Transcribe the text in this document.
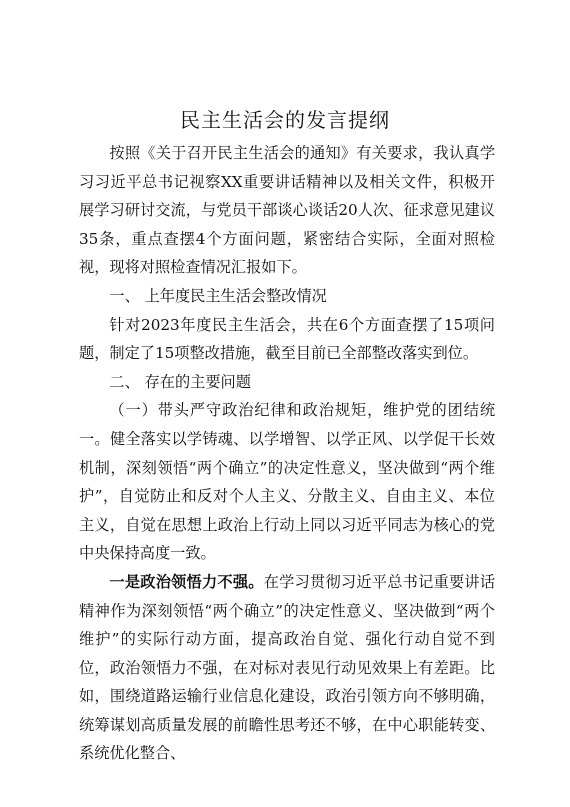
民主生活会的发言提纲

按照《关于召开民主生活会的通知》有关要求，我认真学习习近平总书记视察XX重要讲话精神以及相关文件，积极开展学习研讨交流，与党员干部谈心谈话20人次、征求意见建议35条，重点查摆4个方面问题，紧密结合实际，全面对照检视，现将对照检查情况汇报如下。

一、 上年度民主生活会整改情况

针对2023年度民主生活会，共在6个方面查摆了15项问题，制定了15项整改措施，截至目前已全部整改落实到位。

二、 存在的主要问题

（一）带头严守政治纪律和政治规矩，维护党的团结统一。健全落实以学铸魂、以学增智、以学正风、以学促干长效机制，深刻领悟“两个确立”的决定性意义，坚决做到“两个维护”，自觉防止和反对个人主义、分散主义、自由主义、本位主义，自觉在思想上政治上行动上同以习近平同志为核心的党中央保持高度一致。

一是政治领悟力不强。在学习贯彻习近平总书记重要讲话精神作为深刻领悟“两个确立”的决定性意义、坚决做到“两个维护”的实际行动方面，提高政治自觉、强化行动自觉不到位，政治领悟力不强，在对标对表见行动见效果上有差距。比如，围绕道路运输行业信息化建设，政治引领方向不够明确，统筹谋划高质量发展的前瞻性思考还不够，在中心职能转变、系统优化整合、
